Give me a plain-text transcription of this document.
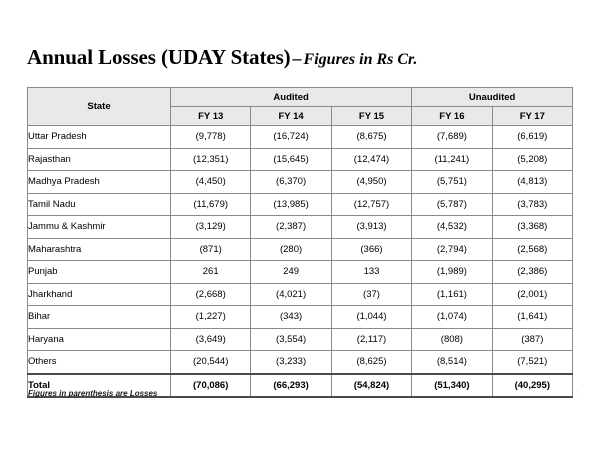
Annual Losses (UDAY States) – Figures in Rs Cr.
State	Audited			Unaudited	
	FY 13	FY 14	FY 15	FY 16	FY 17
Uttar Pradesh	(9,778)	(16,724)	(8,675)	(7,689)	(6,619)
Rajasthan	(12,351)	(15,645)	(12,474)	(11,241)	(5,208)
Madhya Pradesh	(4,450)	(6,370)	(4,950)	(5,751)	(4,813)
Tamil Nadu	(11,679)	(13,985)	(12,757)	(5,787)	(3,783)
Jammu & Kashmir	(3,129)	(2,387)	(3,913)	(4,532)	(3,368)
Maharashtra	(871)	(280)	(366)	(2,794)	(2,568)
Punjab	261	249	133	(1,989)	(2,386)
Jharkhand	(2,668)	(4,021)	(37)	(1,161)	(2,001)
Bihar	(1,227)	(343)	(1,044)	(1,074)	(1,641)
Haryana	(3,649)	(3,554)	(2,117)	(808)	(387)
Others	(20,544)	(3,233)	(8,625)	(8,514)	(7,521)
Total	(70,086)	(66,293)	(54,824)	(51,340)	(40,295)
Figures in parenthesis are Losses	7
